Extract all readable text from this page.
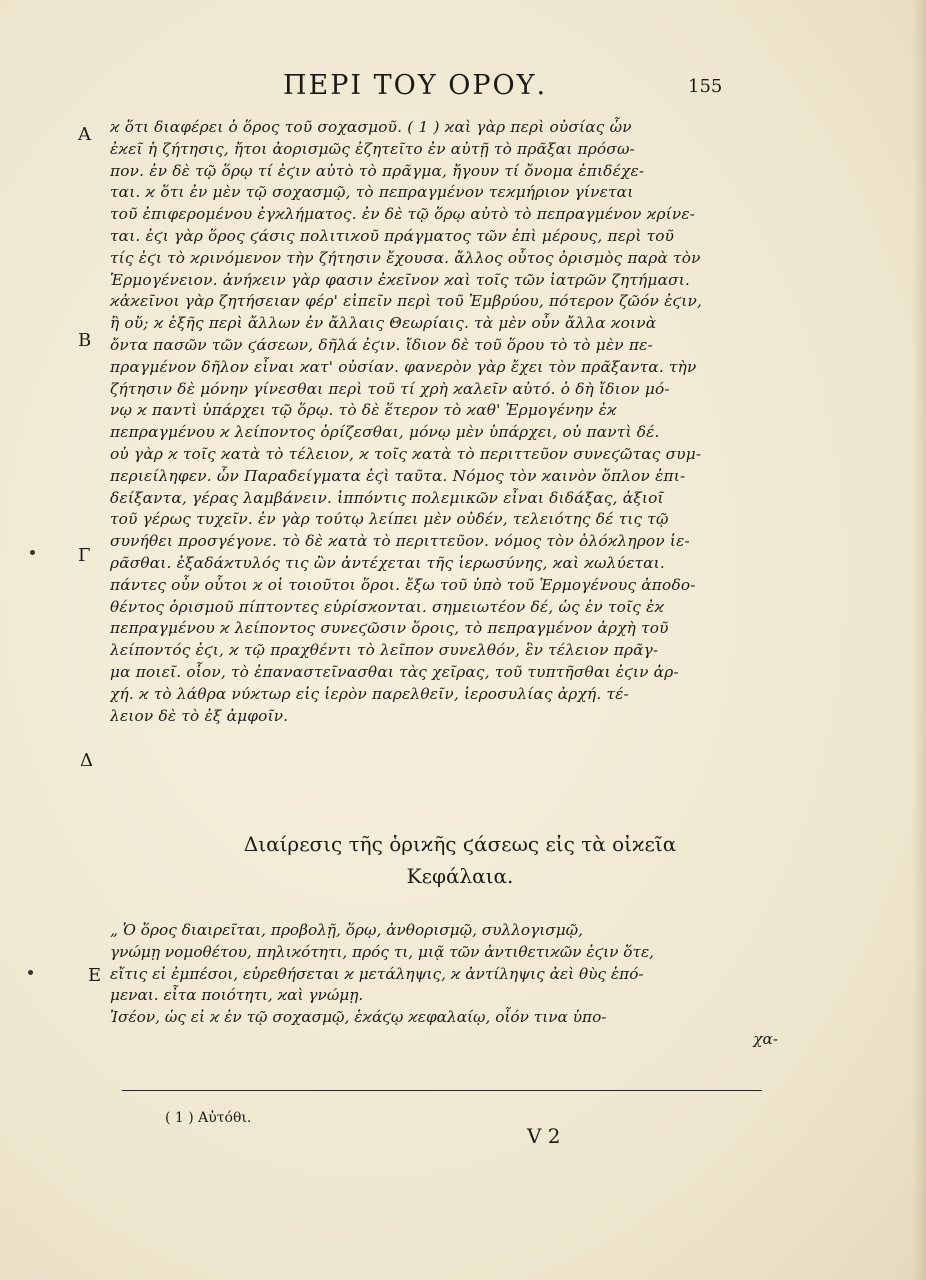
ΠΕΡΙ ΤΟΥ ΟΡΟΥ.	155
A
B
Γ
Δ
E
ϰ ὅτι διαφέρει ὁ ὅρος τοῦ σοχασμοῦ. ( 1 ) ϰαὶ γὰρ περὶ οὐσίας ὧν
ἐϰεῖ ἡ ζήτησις, ἤτοι ἀορισμῶς ἐζητεῖτο ἐν αὐτῇ τὸ πρᾶξαι πρόσω-
πον. ἐν δὲ τῷ ὅρῳ τί ἐϛιν αὐτὸ τὸ πρᾶγμα, ἤγουν τί ὄνομα ἐπιδέχε-
ται. ϰ ὅτι ἐν μὲν τῷ σοχασμῷ, τὸ πεπραγμένον τεϰμήριον γίνεται
τοῦ ἐπιφερομένου ἐγϰλήματος. ἐν δὲ τῷ ὅρῳ αὐτὸ τὸ πεπραγμένον ϰρίνε-
ται. ἐϛι γὰρ ὅρος ϛάσις πολιτιϰοῦ πράγματος τῶν ἐπὶ μέρους, περὶ τοῦ
τίς ἐϛι τὸ ϰρινόμενον τὴν ζήτησιν ἔχουσα. ἄλλος οὗτος ὁρισμὸς παρὰ τὸν
Ἑρμογένειον. ἀνήϰειν γὰρ φασιν ἐϰεῖνον ϰαὶ τοῖς τῶν ἰατρῶν ζητήμασι.
ϰἀϰεῖνοι γὰρ ζητήσειαν φέρ' εἰπεῖν περὶ τοῦ Ἐμβρύου, πότερον ζῶόν ἐϛιν,
ἢ οὔ; ϰ ἑξῆς περὶ ἄλλων ἐν ἄλλαις Θεωρίαις. τὰ μὲν οὖν ἄλλα ϰοινὰ
ὄντα πασῶν τῶν ϛάσεων, δῆλά ἐϛιν. ἴδιον δὲ τοῦ ὅρου τὸ τὸ μὲν πε-
πραγμένον δῆλον εἶναι ϰατ' οὐσίαν. φανερὸν γὰρ ἔχει τὸν πρᾶξαντα. τὴν
ζήτησιν δὲ μόνην γίνεσθαι περὶ τοῦ τί χρὴ ϰαλεῖν αὐτό. ὁ δὴ ἴδιον μό-
νῳ ϰ παντὶ ὑπάρχει τῷ ὅρῳ. τὸ δὲ ἕτερον τὸ ϰαθ' Ἑρμογένην ἐϰ
πεπραγμένου ϰ λείποντος ὁρίζεσθαι, μόνῳ μὲν ὑπάρχει, οὐ παντὶ δέ.
οὐ γὰρ ϰ τοῖς ϰατὰ τὸ τέλειον, ϰ τοῖς ϰατὰ τὸ περιττεῦον συνεϛῶτας συμ-
περιείληφεν. ὧν Παραδείγματα ἐϛὶ ταῦτα. Νόμος τὸν ϰαινὸν ὅπλον ἐπι-
δείξαντα, γέρας λαμβάνειν. ἱππόντις πολεμικῶν εἶναι διδάξας, ἀξιοῖ
τοῦ γέρως τυχεῖν. ἐν γὰρ τούτῳ λείπει μὲν οὐδέν, τελειότης δέ τις τῷ
συνήθει προσγέγονε. τὸ δὲ ϰατὰ τὸ περιττεῦον. νόμος τὸν ὁλόϰληρον ἱε-
ρᾶσθαι. ἑξαδάϰτυλός τις ὢν ἀντέχεται τῆς ἱερωσύνης, ϰαὶ ϰωλύεται.
πάντες οὖν οὗτοι ϰ οἱ τοιοῦτοι ὅροι. ἔξω τοῦ ὑπὸ τοῦ Ἑρμογένους ἀποδο-
θέντος ὁρισμοῦ πίπτοντες εὑρίσϰονται. σημειωτέον δέ, ὡς ἐν τοῖς ἐϰ
πεπραγμένου ϰ λείποντος συνεϛῶσιν ὅροις, τὸ πεπραγμένον ἀρχὴ τοῦ
λείποντός ἐϛι, ϰ τῷ πραχθέντι τὸ λεῖπον συνελθόν, ἓν τέλειον πρᾶγ-
μα ποιεῖ. οἷον, τὸ ἐπαναστεῖνασθαι τὰς χεῖρας, τοῦ τυπτῆσθαι ἐϛιν ἀρ-
χή. ϰ τὸ λάθρα νύϰτωρ εἰς ἱερὸν παρελθεῖν, ἱεροσυλίας ἀρχή. τέ-
λειον δὲ τὸ ἐξ ἀμφοῖν.
Διαίρεσις τῆς ὁριϰῆς ϛάσεως εἰς τὰ οἰϰεῖα
Κεφάλαια.
„ Ὁ ὅρος διαιρεῖται, προβολῇ, ὅρῳ, ἀνθορισμῷ, συλλογισμῷ,
γνώμῃ νομοθέτου, πηλιϰότητι, πρός τι, μιᾷ τῶν ἀντιθετιϰῶν ἐϛιν ὅτε,
εἴτις εἰ ἐμπέσοι, εὑρεθήσεται ϰ μετάληψις, ϰ ἀντίληψις ἀεὶ θὺς ἑπό-
μεναι. εἶτα ποιότητι, ϰαὶ γνώμῃ.
Ἰσέον, ὡς εἰ ϰ ἐν τῷ σοχασμῷ, ἑϰάϛῳ ϰεφαλαίῳ, οἷόν τινα ὑπο-
χα-
( 1 ) Αὐτόθι.
V 2
